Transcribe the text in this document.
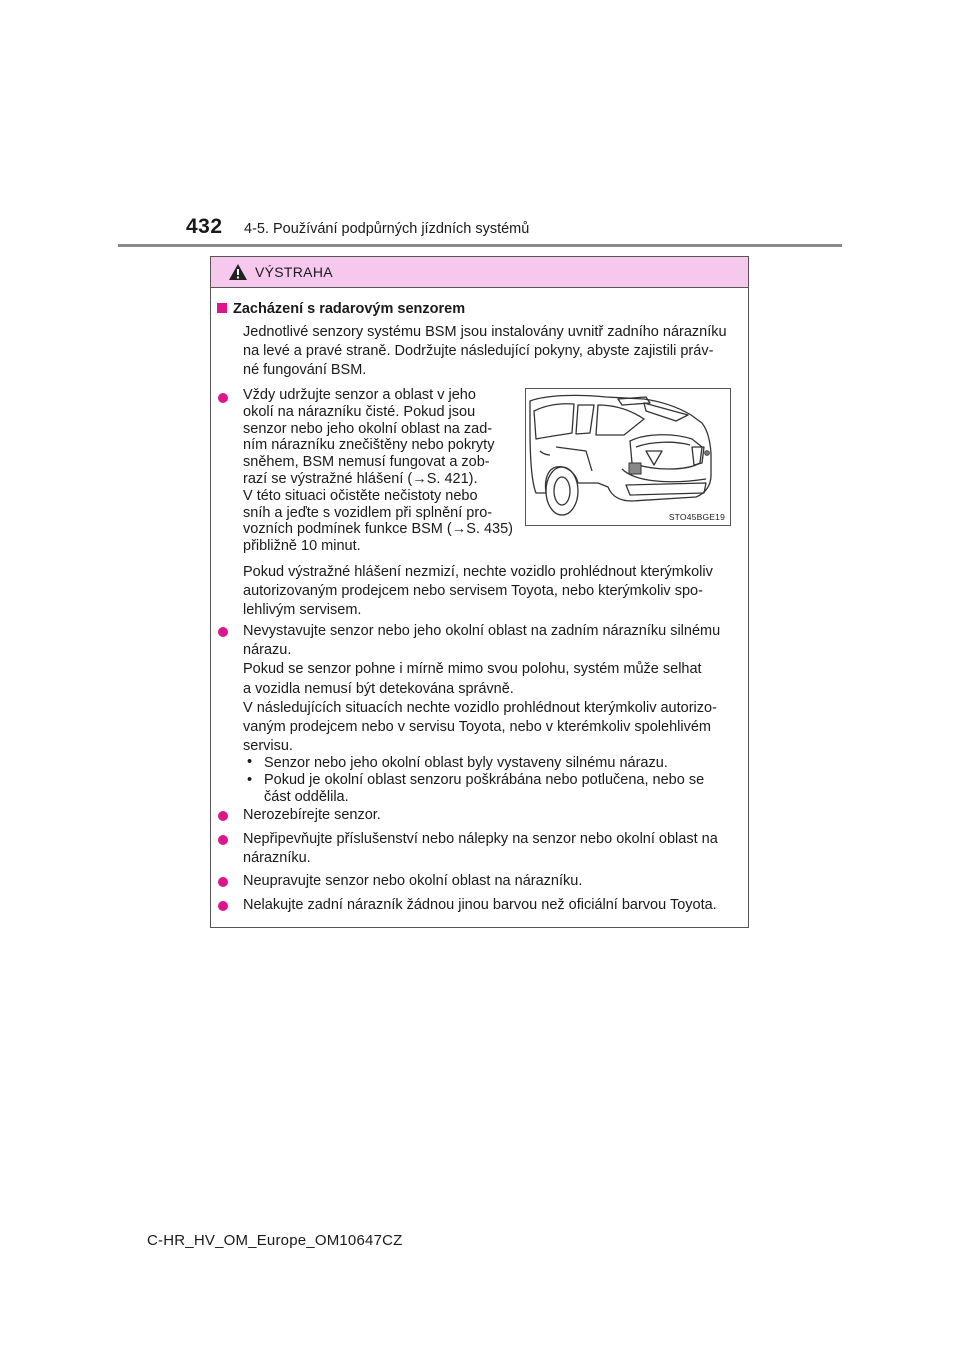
432 4-5. Používání podpůrných jízdních systémů
VÝSTRAHA
Zacházení s radarovým senzorem
Jednotlivé senzory systému BSM jsou instalovány uvnitř zadního nárazníku
na levé a pravé straně. Dodržujte následující pokyny, abyste zajistili práv-
né fungování BSM.
Vždy udržujte senzor a oblast v jeho
okolí na nárazníku čisté. Pokud jsou
senzor nebo jeho okolní oblast na zad-
ním nárazníku znečištěny nebo pokryty
sněhem, BSM nemusí fungovat a zob-
razí se výstražné hlášení (→S. 421).
V této situaci očistěte nečistoty nebo
sníh a jeďte s vozidlem při splnění pro-
vozních podmínek funkce BSM (→S. 435)
přibližně 10 minut.
STO45BGE19
Pokud výstražné hlášení nezmizí, nechte vozidlo prohlédnout kterýmkoliv
autorizovaným prodejcem nebo servisem Toyota, nebo kterýmkoliv spo-
lehlivým servisem.
Nevystavujte senzor nebo jeho okolní oblast na zadním nárazníku silnému
nárazu.
Pokud se senzor pohne i mírně mimo svou polohu, systém může selhat
a vozidla nemusí být detekována správně.
V následujících situacích nechte vozidlo prohlédnout kterýmkoliv autorizo-
vaným prodejcem nebo v servisu Toyota, nebo v kterémkoliv spolehlivém
servisu.
• Senzor nebo jeho okolní oblast byly vystaveny silnému nárazu.
• Pokud je okolní oblast senzoru poškrábána nebo potlučena, nebo se
část oddělila.
Nerozebírejte senzor.
Nepřipevňujte příslušenství nebo nálepky na senzor nebo okolní oblast na
nárazníku.
Neupravujte senzor nebo okolní oblast na nárazníku.
Nelakujte zadní nárazník žádnou jinou barvou než oficiální barvou Toyota.
C-HR_HV_OM_Europe_OM10647CZ
